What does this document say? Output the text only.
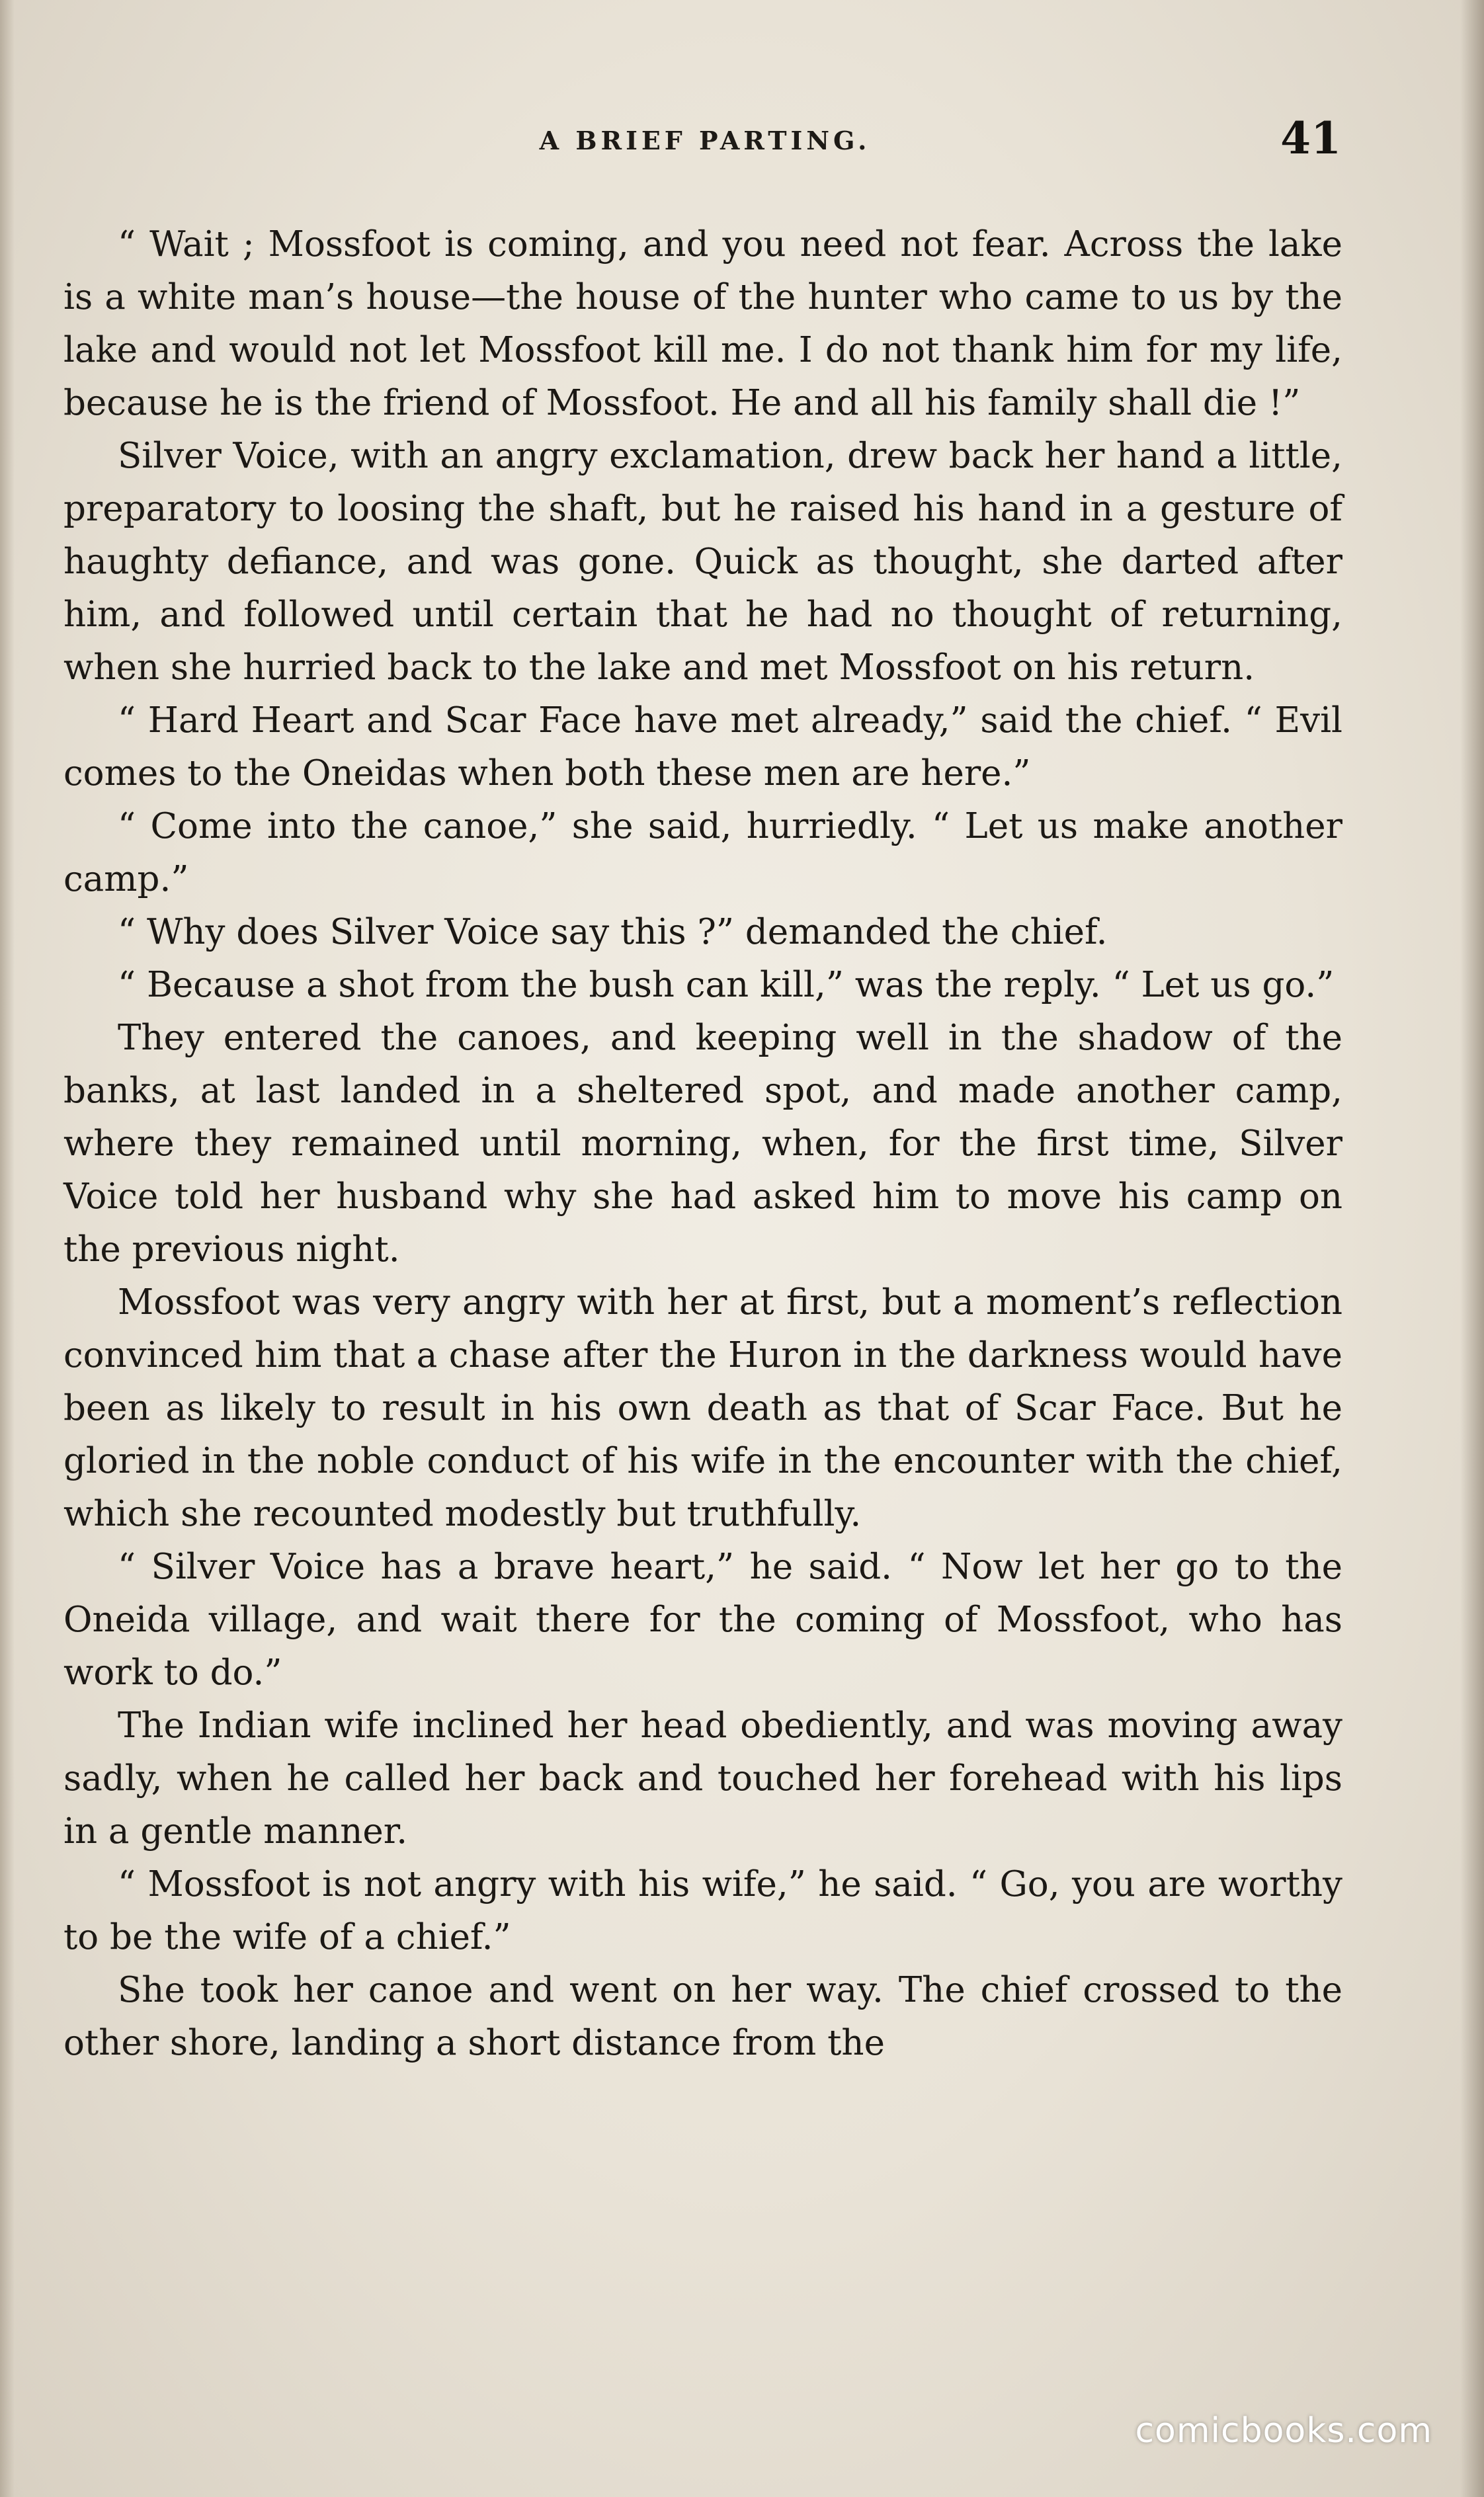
A BRIEF PARTING.	41

“ Wait ; Mossfoot is coming, and you need not fear. Across the lake is a white man’s house—the house of the hunter who came to us by the lake and would not let Mossfoot kill me. I do not thank him for my life, because he is the friend of Mossfoot. He and all his family shall die !”

Silver Voice, with an angry exclamation, drew back her hand a little, preparatory to loosing the shaft, but he raised his hand in a gesture of haughty defiance, and was gone. Quick as thought, she darted after him, and followed until certain that he had no thought of returning, when she hurried back to the lake and met Mossfoot on his return.

“ Hard Heart and Scar Face have met already,” said the chief. “ Evil comes to the Oneidas when both these men are here.”

“ Come into the canoe,” she said, hurriedly. “ Let us make another camp.”

“ Why does Silver Voice say this ?” demanded the chief.

“ Because a shot from the bush can kill,” was the reply. “ Let us go.”

They entered the canoes, and keeping well in the shadow of the banks, at last landed in a sheltered spot, and made another camp, where they remained until morning, when, for the first time, Silver Voice told her husband why she had asked him to move his camp on the previous night.

Mossfoot was very angry with her at first, but a moment’s reflection convinced him that a chase after the Huron in the darkness would have been as likely to result in his own death as that of Scar Face. But he gloried in the noble conduct of his wife in the encounter with the chief, which she recounted modestly but truthfully.

“ Silver Voice has a brave heart,” he said. “ Now let her go to the Oneida village, and wait there for the coming of Mossfoot, who has work to do.”

The Indian wife inclined her head obediently, and was moving away sadly, when he called her back and touched her forehead with his lips in a gentle manner.

“ Mossfoot is not angry with his wife,” he said. “ Go, you are worthy to be the wife of a chief.”

She took her canoe and went on her way. The chief crossed to the other shore, landing a short distance from the

comicbooks.com
